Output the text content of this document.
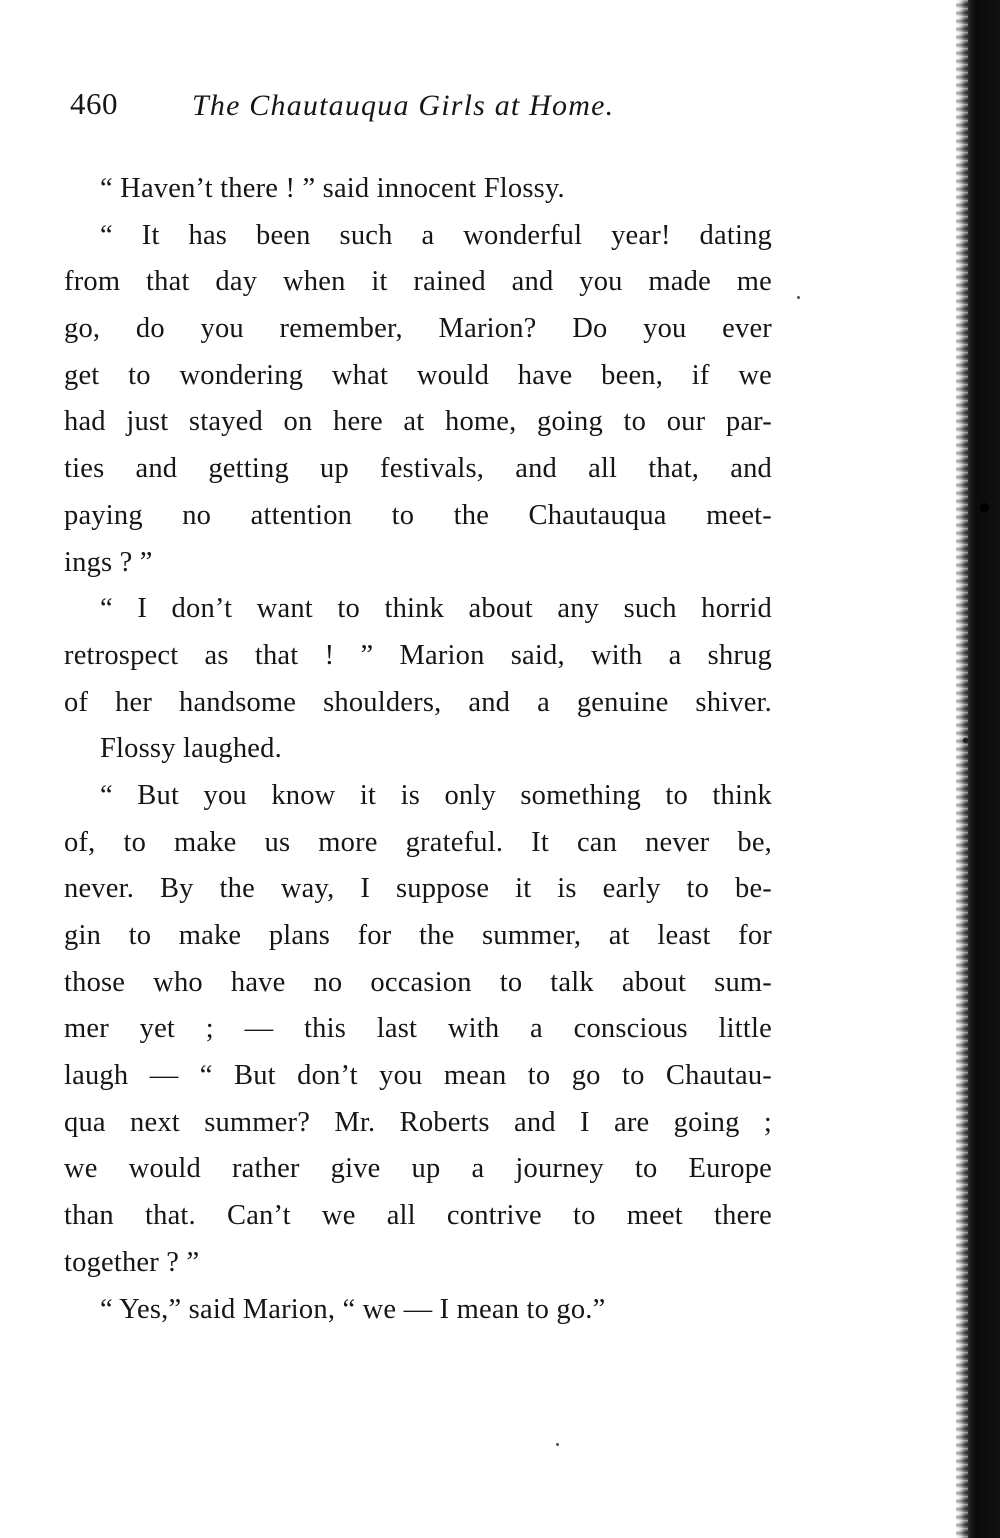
460 The Chautauqua Girls at Home.
“ Haven’t there ! ” said innocent Flossy.
“ It has been such a wonderful year! dating
from that day when it rained and you made me
go, do you remember, Marion? Do you ever
get to wondering what would have been, if we
had just stayed on here at home, going to our par-
ties and getting up festivals, and all that, and
paying no attention to the Chautauqua meet-
ings ? ”
“ I don’t want to think about any such horrid
retrospect as that ! ” Marion said, with a shrug
of her handsome shoulders, and a genuine shiver.
Flossy laughed.
“ But you know it is only something to think
of, to make us more grateful. It can never be,
never. By the way, I suppose it is early to be-
gin to make plans for the summer, at least for
those who have no occasion to talk about sum-
mer yet ; — this last with a conscious little
laugh — “ But don’t you mean to go to Chautau-
qua next summer? Mr. Roberts and I are going ;
we would rather give up a journey to Europe
than that. Can’t we all contrive to meet there
together ? ”
“ Yes,” said Marion, “ we — I mean to go.”
